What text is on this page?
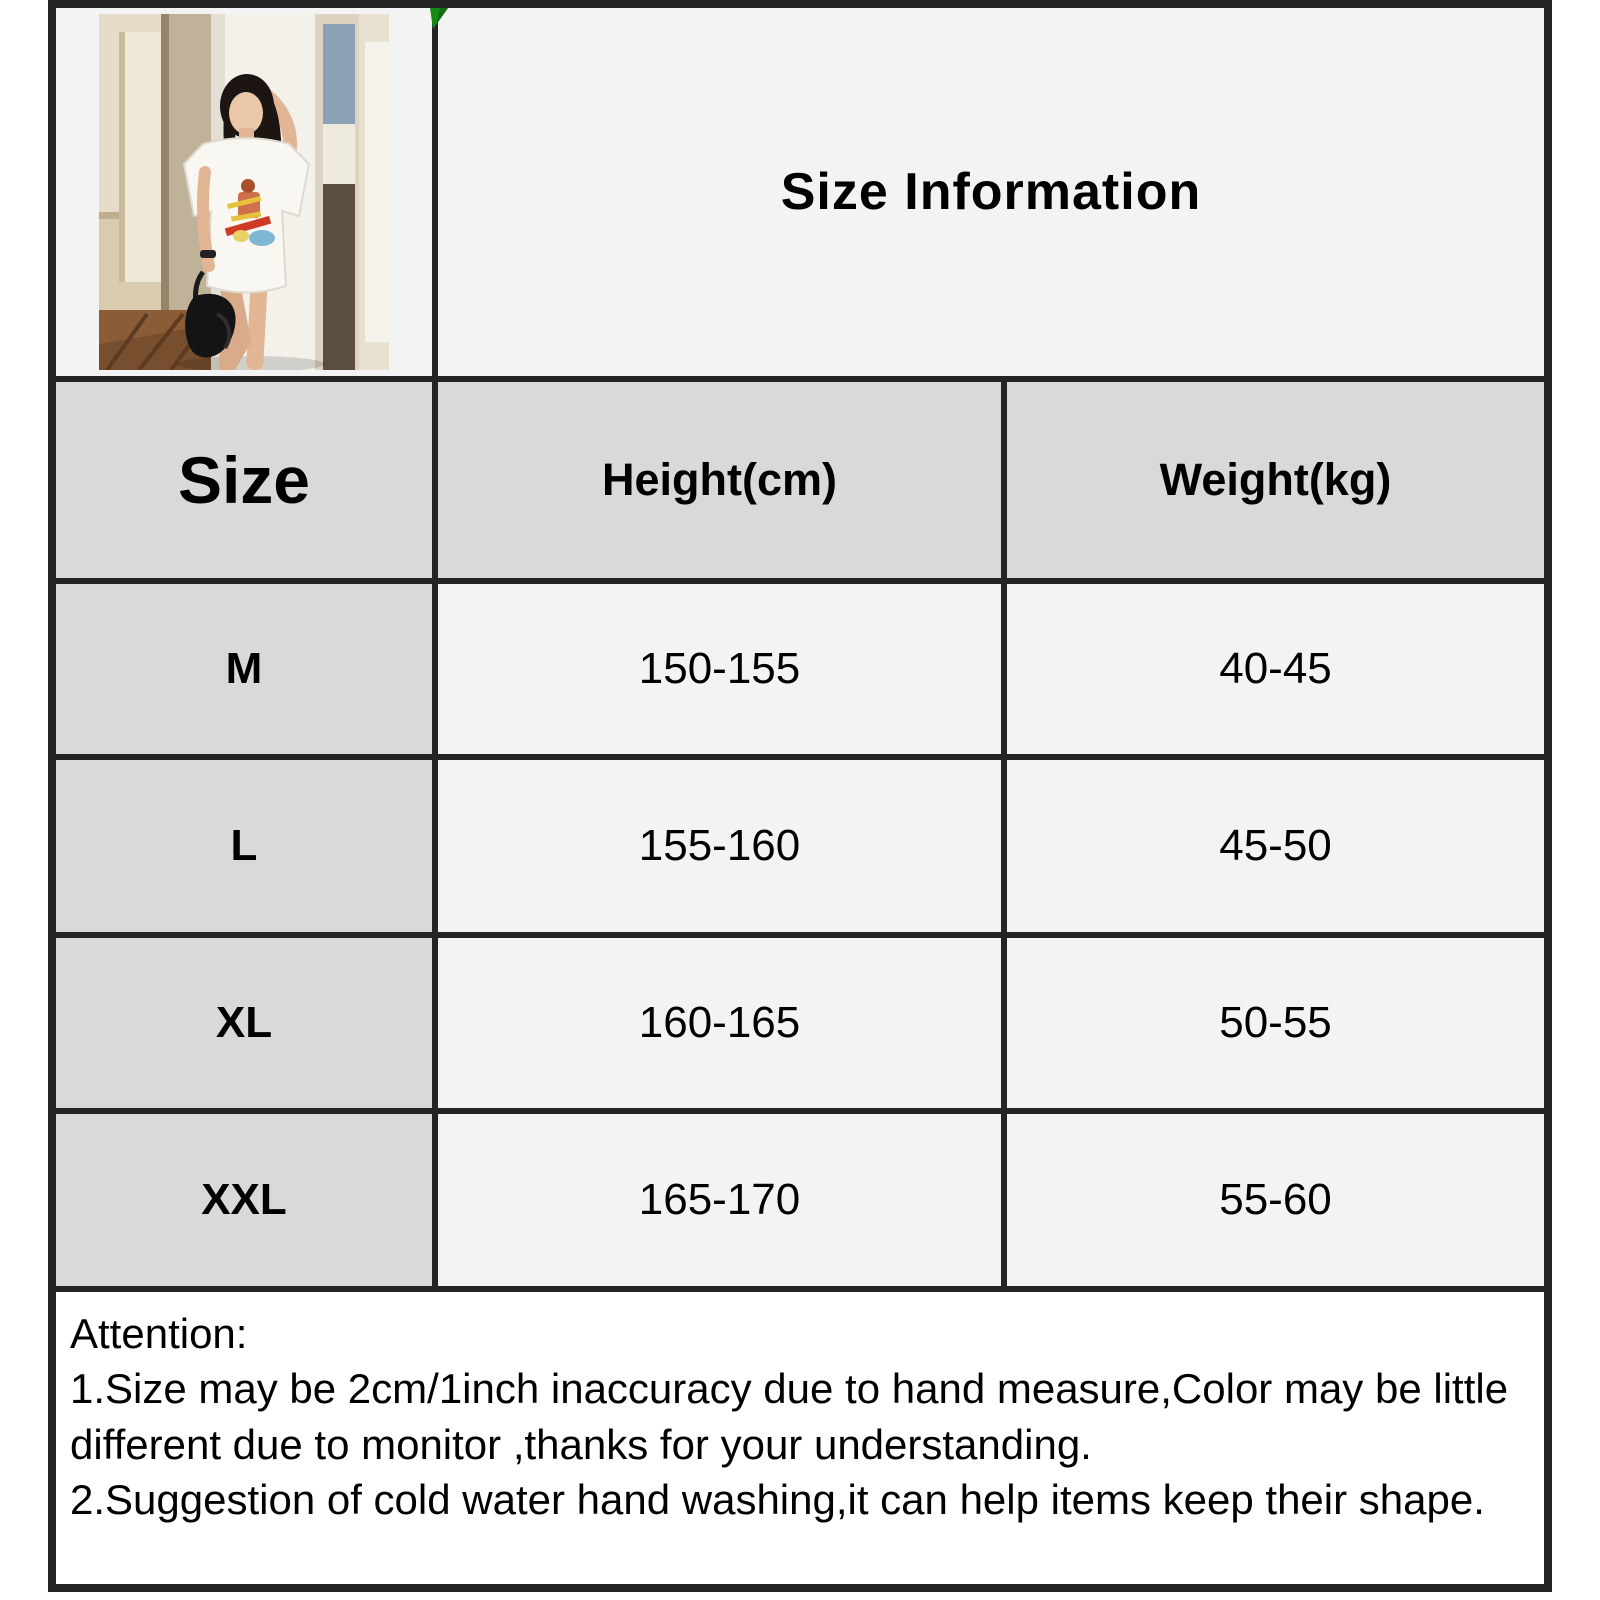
Size Information
Size	Height(cm)	Weight(kg)
M	150-155	40-45
L	155-160	45-50
XL	160-165	50-55
XXL	165-170	55-60
Attention:
1.Size may be 2cm/1inch inaccuracy due to hand measure,Color may be little different due to monitor ,thanks for your understanding.
2.Suggestion of cold water hand washing,it can help items keep their shape.
